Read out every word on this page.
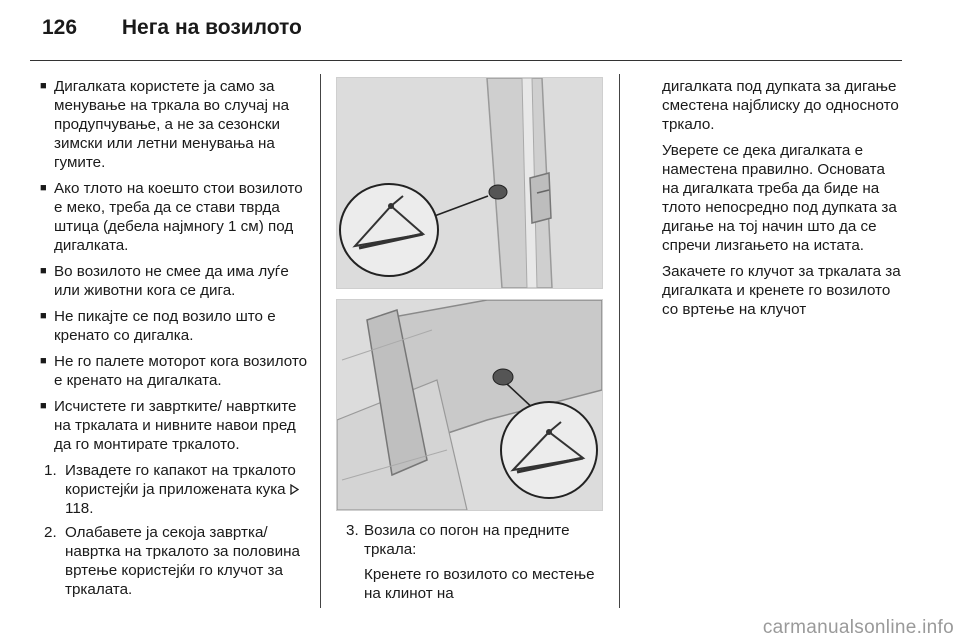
126 Нега на возилото
■ Дигалката користете ја само за менување на тркала во случај на продупчување, а не за сезонски зимски или летни менувања на гумите.
■ Ако тлото на коешто стои возилото е меко, треба да се стави тврда штица (дебела најмногу 1 см) под дигалката.
■ Во возилото не смее да има луѓе или животни кога се дига.
■ Не пикајте се под возило што е кренато со дигалка.
■ Не го палете моторот кога возилото е кренато на дигалката.
■ Исчистете ги завртките/ навртките на тркалата и нивните навои пред да го монтирате тркалото.
1. Извадете го капакот на тркалото користејќи ја приложената кука  118.
2. Олабавете ја секоја завртка/ навртка на тркалото за половина вртење користејќи го клучот за тркалата.
3. Возила со погон на предните тркала:
Кренете го возилото со местење на клинот на

дигалката под дупката за дигање сместена најблиску до односното тркало.

Уверете се дека дигалката е наместена правилно. Основата на дигалката треба да биде на тлото непосредно под дупката за дигање на тој начин што да се спречи лизгањето на истата.

Закачете го клучот за тркалата за дигалката и кренете го возилото со вртење на клучот

carmanualsonline.info
